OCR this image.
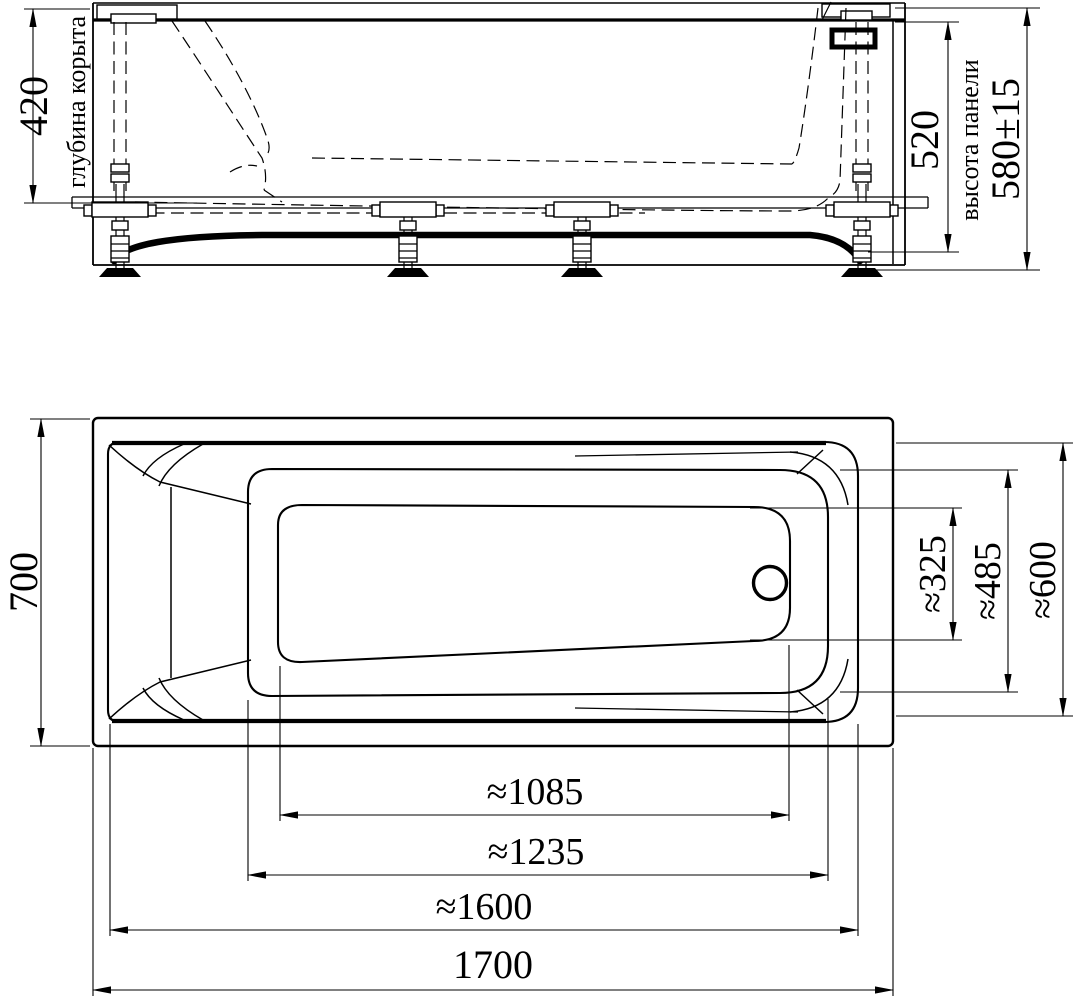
420 глубина корыта	520 высота панели 580±15
700	≈325 ≈485 ≈600
≈1085
≈1235
≈1600
1700
